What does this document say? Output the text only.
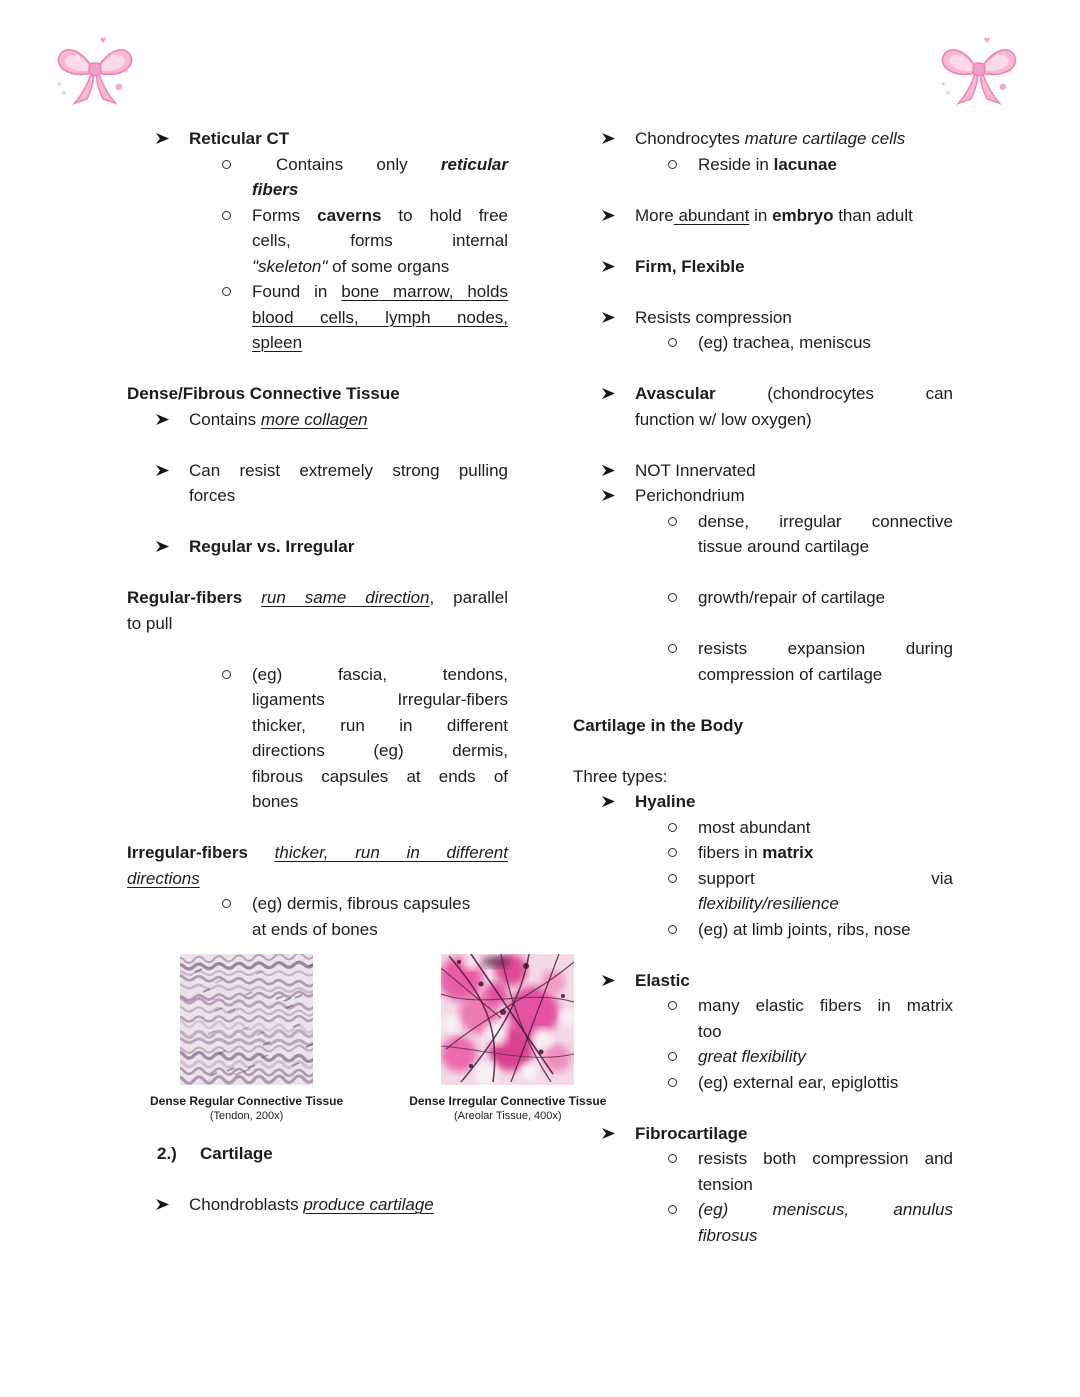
Reticular CT
Contains only reticular
fibers
Forms caverns to hold free
cells, forms internal
"skeleton" of some organs
Found in bone marrow, holds
blood cells, lymph nodes,
spleen
Dense/Fibrous Connective Tissue
Contains more collagen
Can resist extremely strong pulling
forces
Regular vs. Irregular
Regular-fibers run same direction, parallel
to pull
(eg) fascia, tendons,
ligaments Irregular-fibers
thicker, run in different
directions (eg) dermis,
fibrous capsules at ends of
bones
Irregular-fibers thicker, run in different
directions
(eg) dermis, fibrous capsules
at ends of bones
Dense Regular Connective Tissue
(Tendon, 200x)
Dense Irregular Connective Tissue
(Areolar Tissue, 400x)
2.) Cartilage
Chondroblasts produce cartilage
Chondrocytes mature cartilage cells
Reside in lacunae
More abundant in embryo than adult
Firm, Flexible
Resists compression
(eg) trachea, meniscus
Avascular (chondrocytes can
function w/ low oxygen)
NOT Innervated
Perichondrium
dense, irregular connective
tissue around cartilage
growth/repair of cartilage
resists expansion during
compression of cartilage
Cartilage in the Body
Three types:
Hyaline
most abundant
fibers in matrix
support via
flexibility/resilience
(eg) at limb joints, ribs, nose
Elastic
many elastic fibers in matrix
too
great flexibility
(eg) external ear, epiglottis
Fibrocartilage
resists both compression and
tension
(eg) meniscus, annulus
fibrosus
